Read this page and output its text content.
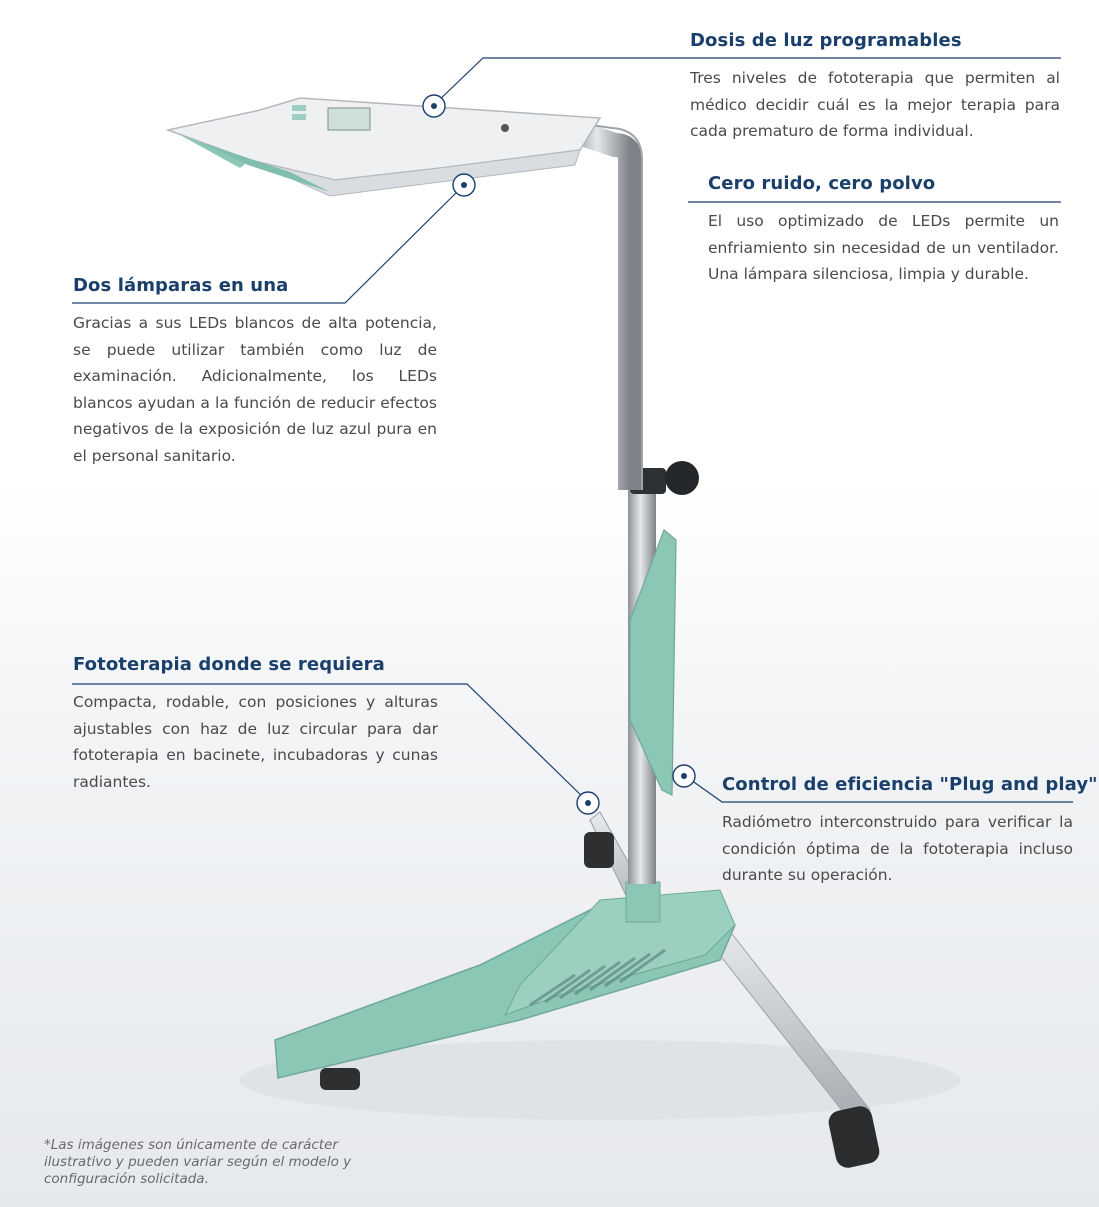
Dosis de luz programables

Tres niveles de fototerapia que permiten al médico decidir cuál es la mejor terapia para cada prematuro de forma individual.

Cero ruido, cero polvo

El uso optimizado de LEDs permite un enfriamiento sin necesidad de un ventilador. Una lámpara silenciosa, limpia y durable.

Dos lámparas en una

Gracias a sus LEDs blancos de alta potencia, se puede utilizar también como luz de examinación. Adicionalmente, los LEDs blancos ayudan a la función de reducir efectos negativos de la exposición de luz azul pura en el personal sanitario.

Fototerapia donde se requiera

Compacta, rodable, con posiciones y alturas ajustables con haz de luz circular para dar fototerapia en bacinete, incubadoras y cunas radiantes.	Control de eficiencia "Plug and play"

Radiómetro interconstruido para verificar la condición óptima de la fototerapia incluso durante su operación.

*Las imágenes son únicamente de carácter ilustrativo y pueden variar según el modelo y configuración solicitada.
